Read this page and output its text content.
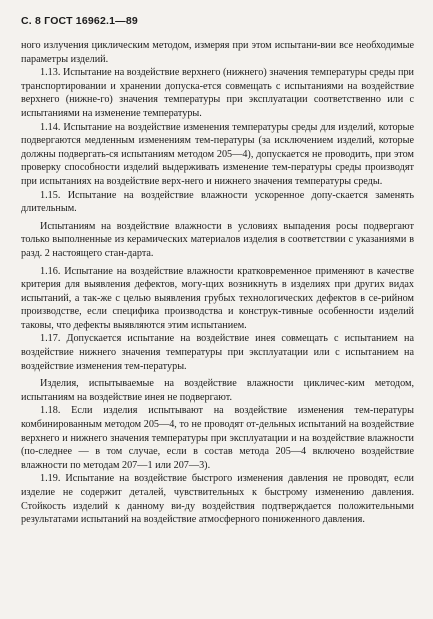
С. 8 ГОСТ 16962.1—89

ного излучения циклическим методом, измеряя при этом испытани-вии все необходимые параметры изделий.

1.13. Испытание на воздействие верхнего (нижнего) значения температуры среды при транспортировании и хранении допуска-ется совмещать с испытаниями на воздействие верхнего (нижне-го) значения температуры при эксплуатации соответственно или с испытаниями на изменение температуры.

1.14. Испытание на воздействие изменения температуры среды для изделий, которые подвергаются медленным изменениям тем-пературы (за исключением изделий, которые должны подвергать-ся испытаниям методом 205—4), допускается не проводить, при этом проверку способности изделий выдерживать изменение тем-пературы среды производят при испытаниях на воздействие верх-него и нижнего значения температуры среды.

1.15. Испытание на воздействие влажности ускоренное допу-скается заменять длительным.

Испытаниям на воздействие влажности в условиях выпадения росы подвергают только выполненные из керамических материалов изделия в соответствии с указаниями в разд. 2 настоящего стан-дарта.

1.16. Испытание на воздействие влажности кратковременное применяют в качестве критерия для выявления дефектов, могу-щих возникнуть в изделиях при других видах испытаний, а так-же с целью выявления грубых технологических дефектов в се-рийном производстве, если специфика производства и конструк-тивные особенности изделий таковы, что дефекты выявляются этим испытанием.

1.17. Допускается испытание на воздействие инея совмещать с испытанием на воздействие нижнего значения температуры при эксплуатации или с испытанием на воздействие изменения тем-пературы.

Изделия, испытываемые на воздействие влажности цикличес-ким методом, испытаниям на воздействие инея не подвергают.

1.18. Если изделия испытывают на воздействие изменения тем-пературы комбинированным методом 205—4, то не проводят от-дельных испытаний на воздействие верхнего и нижнего значения температуры при эксплуатации и на воздействие влажности (по-следнее — в том случае, если в состав метода 205—4 включено воздействие влажности по методам 207—1 или 207—3).

1.19. Испытание на воздействие быстрого изменения давления не проводят, если изделие не содержит деталей, чувствительных к быстрому изменению давления. Стойкость изделий к данному ви-ду воздействия подтверждается положительными результатами испытаний на воздействие атмосферного пониженного давления.
